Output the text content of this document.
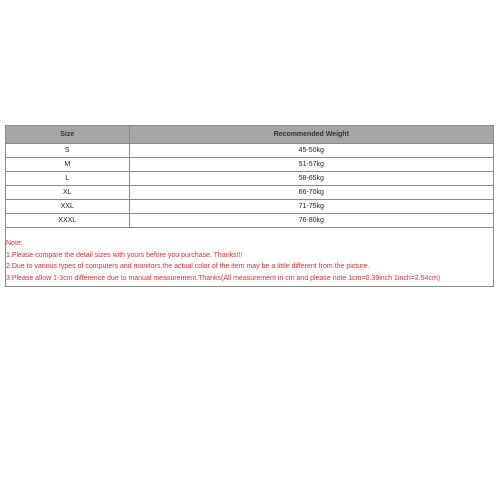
Size	Recommended Weight
S	45-50kg
M	51-57kg
L	58-65kg
XL	66-70kg
XXL	71-75kg
XXXL	76-80kg
Note:
1.Please compare the detail sizes with yours before you purchase. Thanks!!!
2.Due to various types of computers and monitors,the actual color of the item may be a little different from the picture.
3.Please allow 1-3cm difference due to manual measurement.Thanks(All measurement in cm and please note 1cm=0.39inch 1inch=2.54cm)
